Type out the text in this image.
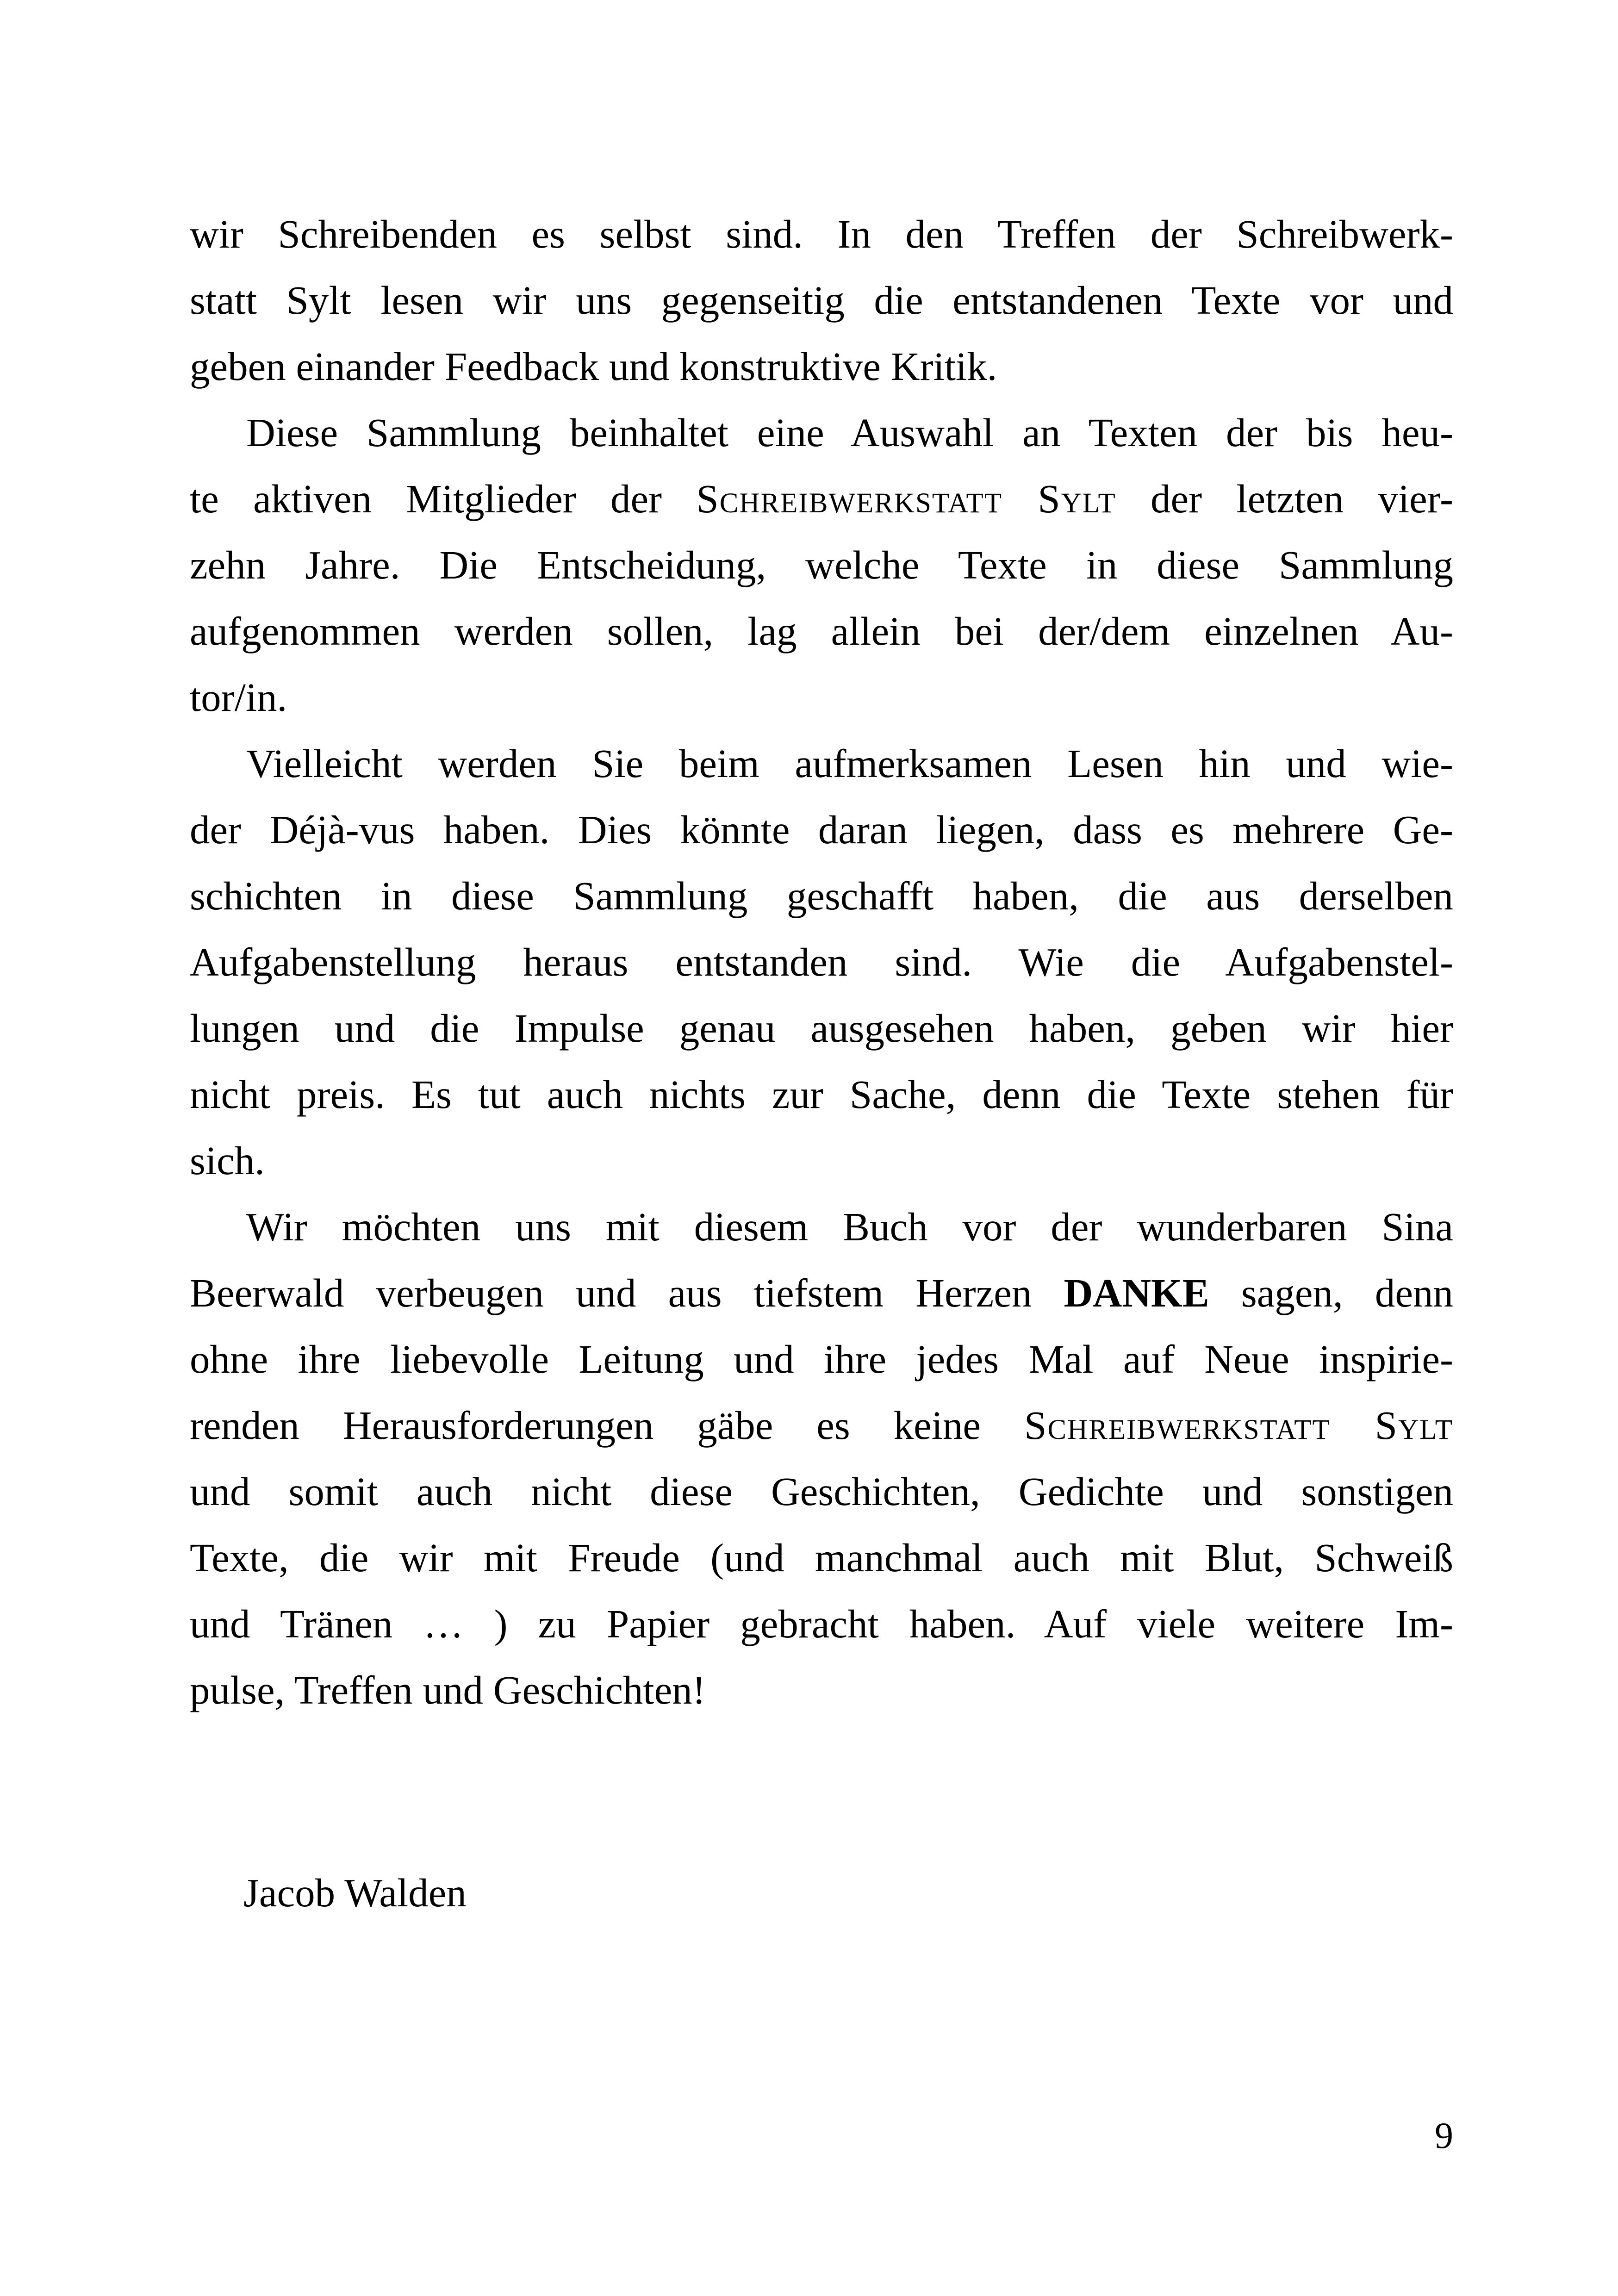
wir Schreibenden es selbst sind. In den Treffen der Schreibwerk-
statt Sylt lesen wir uns gegenseitig die entstandenen Texte vor und
geben einander Feedback und konstruktive Kritik.
Diese Sammlung beinhaltet eine Auswahl an Texten der bis heu-
te aktiven Mitglieder der Schreibwerkstatt Sylt der letzten vier-
zehn Jahre. Die Entscheidung, welche Texte in diese Sammlung
aufgenommen werden sollen, lag allein bei der/dem einzelnen Au-
tor/in.
Vielleicht werden Sie beim aufmerksamen Lesen hin und wie-
der Déjà-vus haben. Dies könnte daran liegen, dass es mehrere Ge-
schichten in diese Sammlung geschafft haben, die aus derselben
Aufgabenstellung heraus entstanden sind. Wie die Aufgabenstel-
lungen und die Impulse genau ausgesehen haben, geben wir hier
nicht preis. Es tut auch nichts zur Sache, denn die Texte stehen für
sich.
Wir möchten uns mit diesem Buch vor der wunderbaren Sina
Beerwald verbeugen und aus tiefstem Herzen DANKE sagen, denn
ohne ihre liebevolle Leitung und ihre jedes Mal auf Neue inspirie-
renden Herausforderungen gäbe es keine Schreibwerkstatt Sylt
und somit auch nicht diese Geschichten, Gedichte und sonstigen
Texte, die wir mit Freude (und manchmal auch mit Blut, Schweiß
und Tränen … ) zu Papier gebracht haben. Auf viele weitere Im-
pulse, Treffen und Geschichten!
Jacob Walden
9
